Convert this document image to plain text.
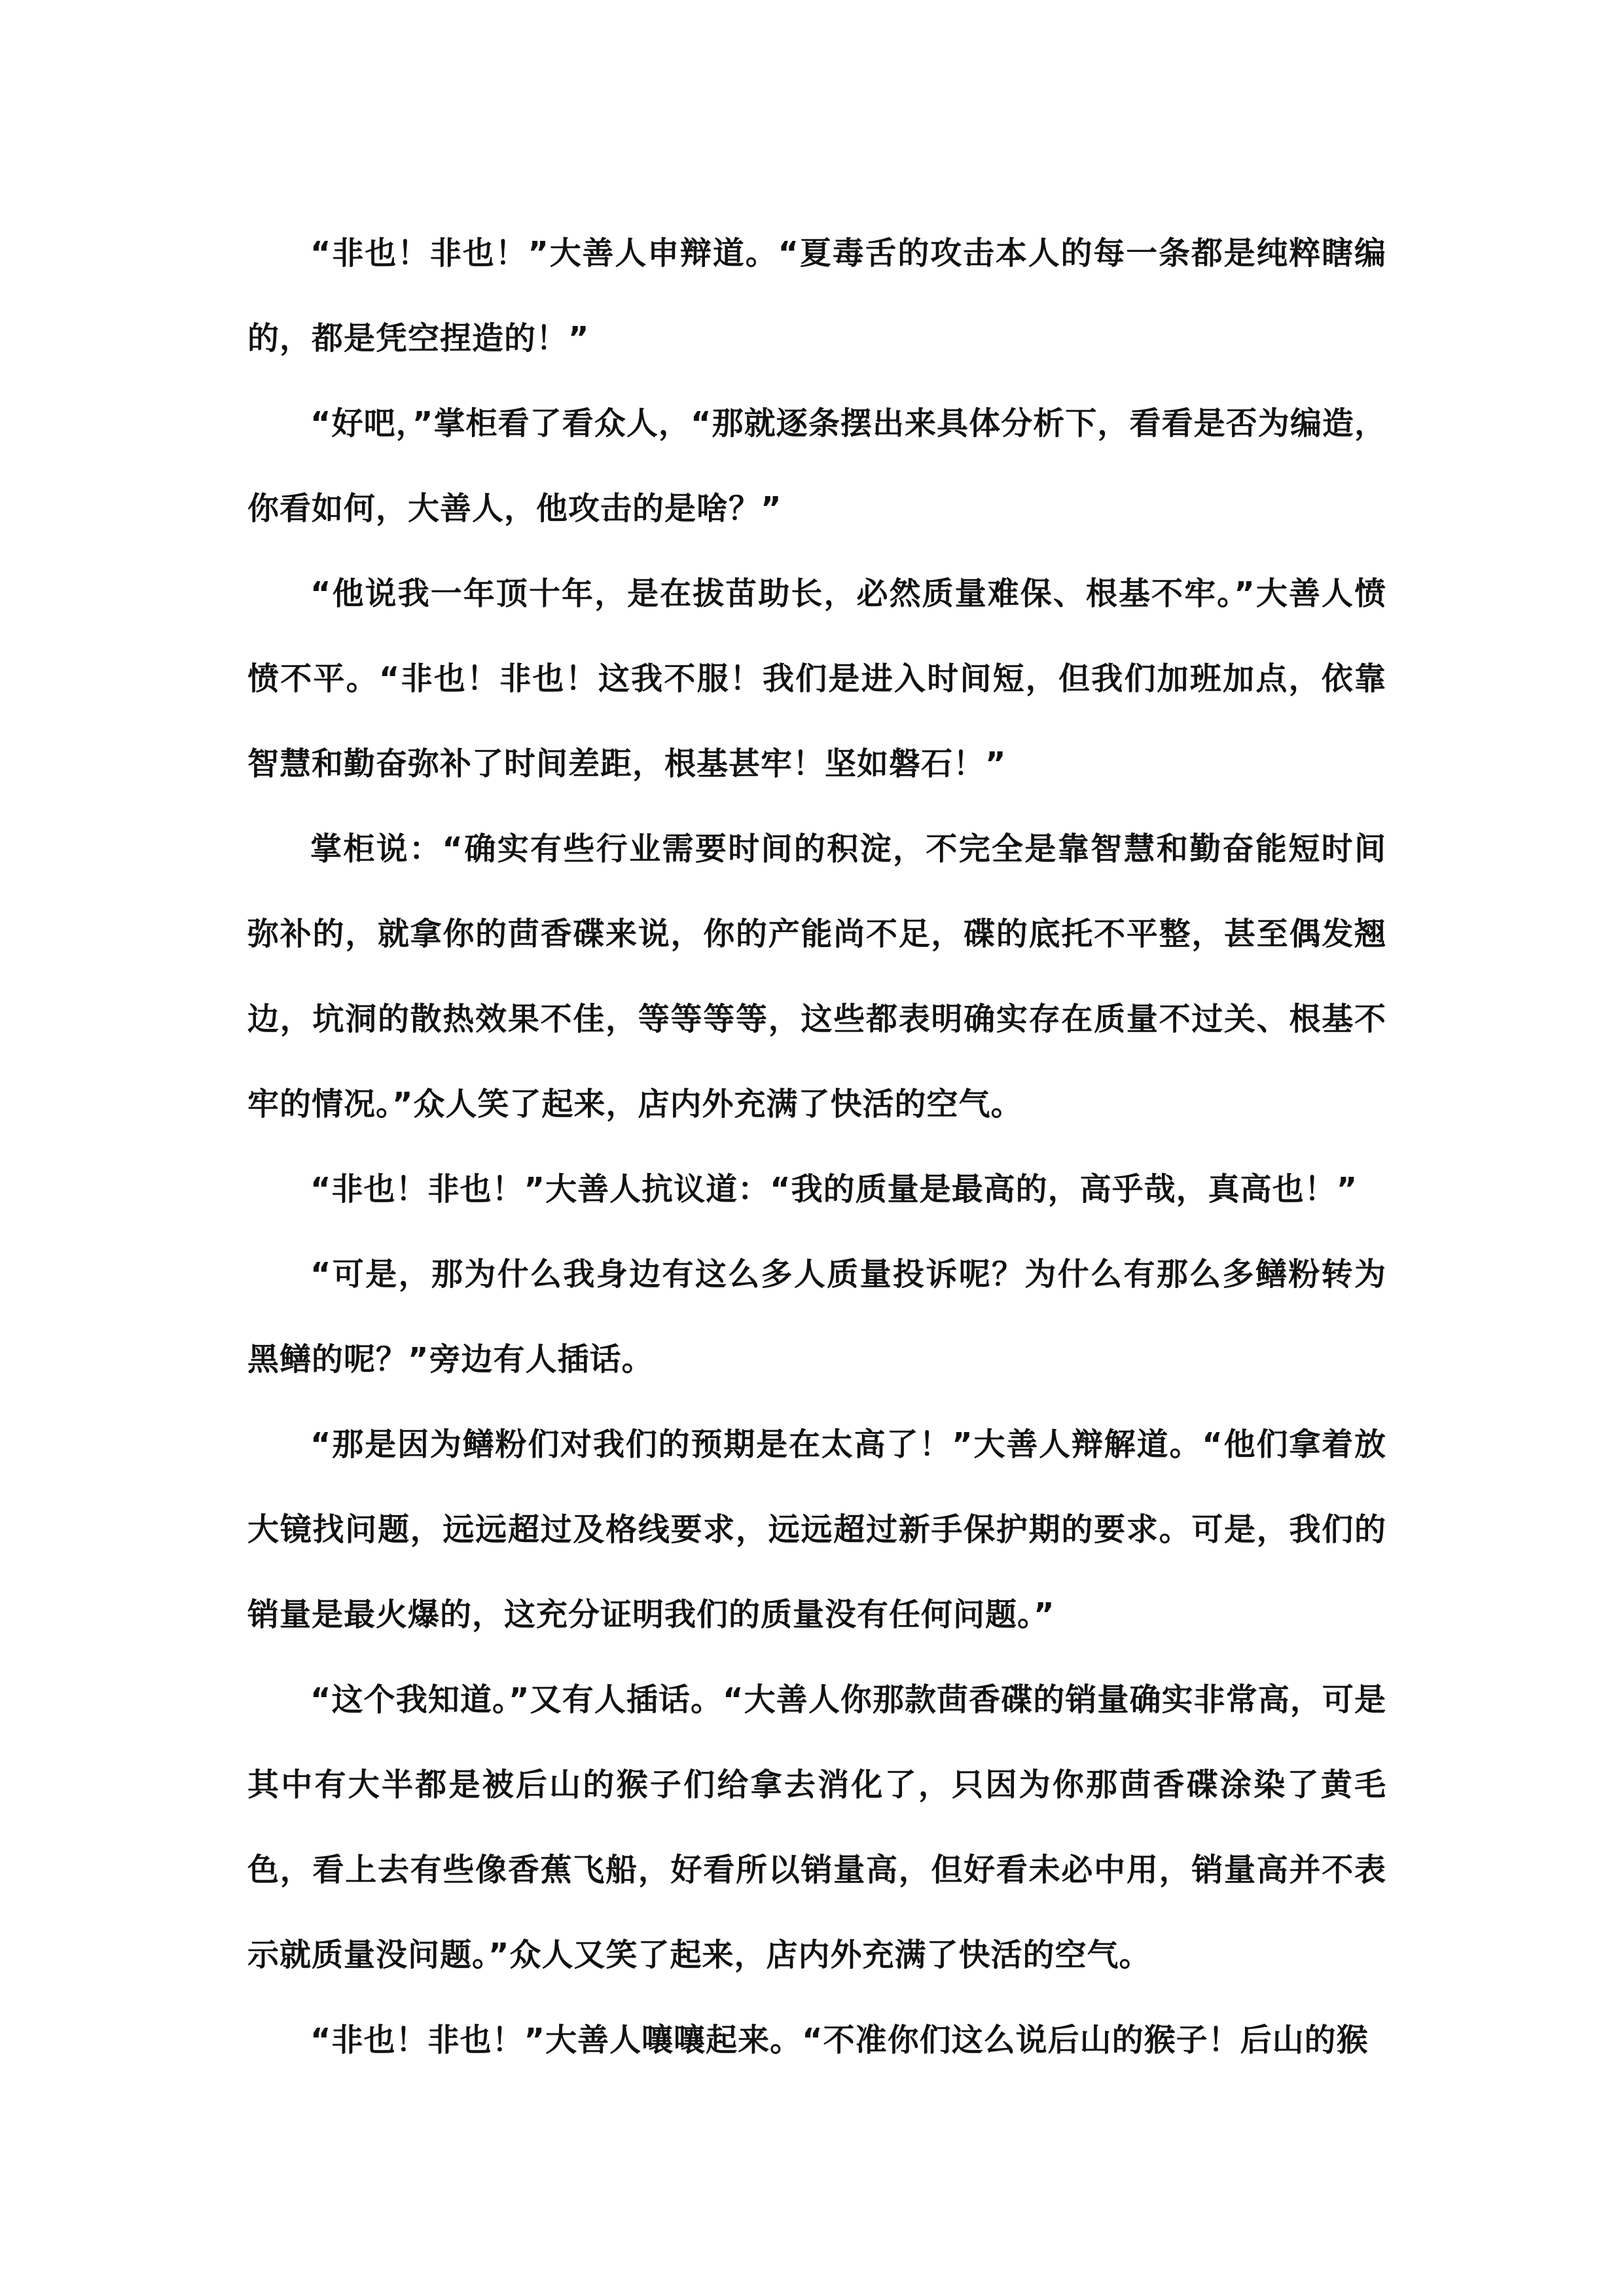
“非也！非也！”大善人申辩道。“夏毒舌的攻击本人的每一条都是纯粹瞎编的，都是凭空捏造的！”

“好吧，”掌柜看了看众人，“那就逐条摆出来具体分析下，看看是否为编造，你看如何，大善人，他攻击的是啥？”

“他说我一年顶十年，是在拔苗助长，必然质量难保、根基不牢。”大善人愤愤不平。“非也！非也！这我不服！我们是进入时间短，但我们加班加点，依靠智慧和勤奋弥补了时间差距，根基甚牢！坚如磐石！”

掌柜说：“确实有些行业需要时间的积淀，不完全是靠智慧和勤奋能短时间弥补的，就拿你的茴香碟来说，你的产能尚不足，碟的底托不平整，甚至偶发翘边，坑洞的散热效果不佳，等等等等，这些都表明确实存在质量不过关、根基不牢的情况。”众人笑了起来，店内外充满了快活的空气。

“非也！非也！”大善人抗议道：“我的质量是最高的，高乎哉，真高也！”

“可是，那为什么我身边有这么多人质量投诉呢？为什么有那么多鳝粉转为黑鳝的呢？”旁边有人插话。

“那是因为鳝粉们对我们的预期是在太高了！”大善人辩解道。“他们拿着放大镜找问题，远远超过及格线要求，远远超过新手保护期的要求。可是，我们的销量是最火爆的，这充分证明我们的质量没有任何问题。”

“这个我知道。”又有人插话。“大善人你那款茴香碟的销量确实非常高，可是其中有大半都是被后山的猴子们给拿去消化了，只因为你那茴香碟涂染了黄毛色，看上去有些像香蕉飞船，好看所以销量高，但好看未必中用，销量高并不表示就质量没问题。”众人又笑了起来，店内外充满了快活的空气。

“非也！非也！”大善人嚷嚷起来。“不准你们这么说后山的猴子！后山的猴
